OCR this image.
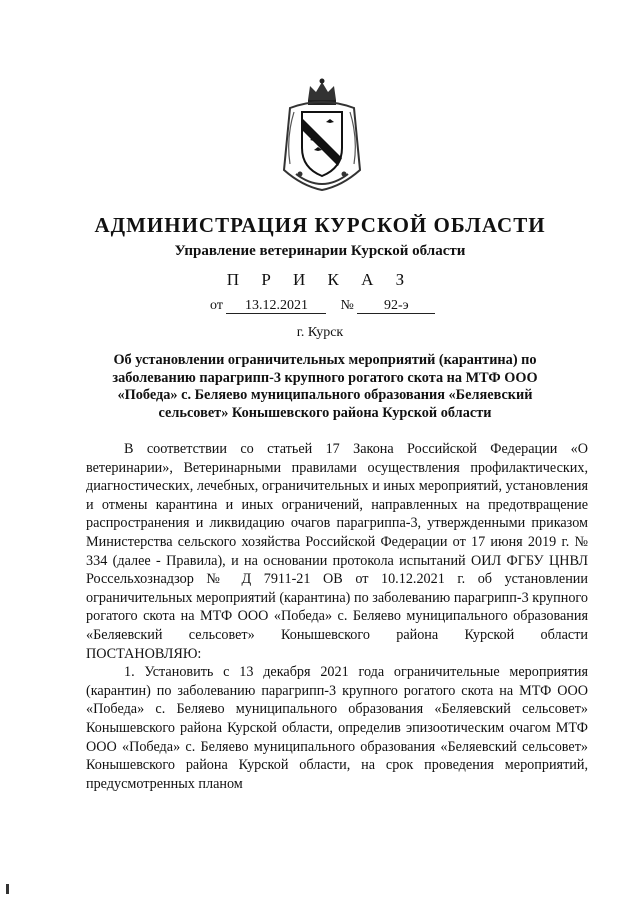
АДМИНИСТРАЦИЯ КУРСКОЙ ОБЛАСТИ
Управление ветеринарии Курской области
П Р И К А З
от 13.12.2021 № 92-э
г. Курск
Об установлении ограничительных мероприятий (карантина) по заболеванию парагрипп-3 крупного рогатого скота на МТФ ООО «Победа» с. Беляево муниципального образования «Беляевский сельсовет» Конышевского района Курской области

В соответствии со статьей 17 Закона Российской Федерации «О ветеринарии», Ветеринарными правилами осуществления профилактических, диагностических, лечебных, ограничительных и иных мероприятий, установления и отмены карантина и иных ограничений, направленных на предотвращение распространения и ликвидацию очагов парагриппа-3, утвержденными приказом Министерства сельского хозяйства Российской Федерации от 17 июня 2019 г. № 334 (далее - Правила), и на основании протокола испытаний ОИЛ ФГБУ ЦНВЛ Россельхознадзор № Д 7911-21 ОВ от 10.12.2021 г. об установлении ограничительных мероприятий (карантина) по заболеванию парагрипп-3 крупного рогатого скота на МТФ ООО «Победа» с. Беляево муниципального образования «Беляевский сельсовет» Конышевского района Курской области ПОСТАНОВЛЯЮ:

1. Установить с 13 декабря 2021 года ограничительные мероприятия (карантин) по заболеванию парагрипп-3 крупного рогатого скота на МТФ ООО «Победа» с. Беляево муниципального образования «Беляевский сельсовет» Конышевского района Курской области, определив эпизоотическим очагом МТФ ООО «Победа» с. Беляево муниципального образования «Беляевский сельсовет» Конышевского района Курской области, на срок проведения мероприятий, предусмотренных планом
